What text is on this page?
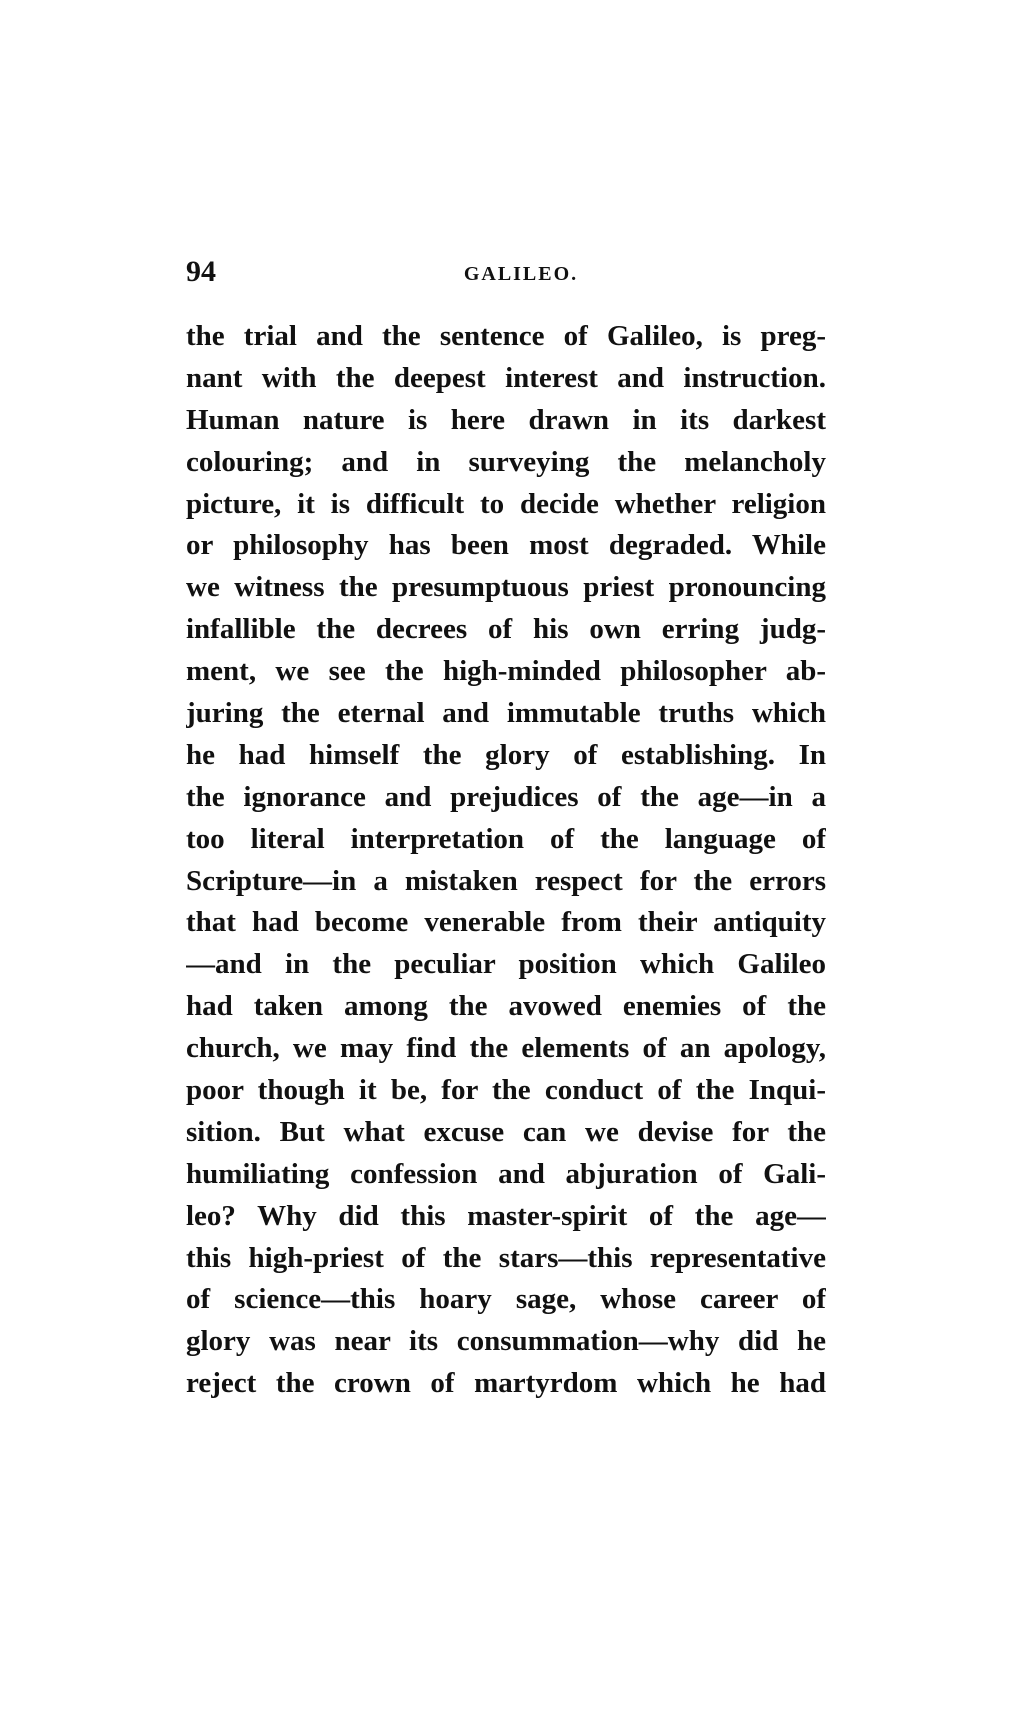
94	GALILEO.
the trial and the sentence of Galileo, is preg-
nant with the deepest interest and instruction.
Human nature is here drawn in its darkest
colouring; and in surveying the melancholy
picture, it is difficult to decide whether religion
or philosophy has been most degraded. While
we witness the presumptuous priest pronouncing
infallible the decrees of his own erring judg-
ment, we see the high-minded philosopher ab-
juring the eternal and immutable truths which
he had himself the glory of establishing. In
the ignorance and prejudices of the age—in a
too literal interpretation of the language of
Scripture—in a mistaken respect for the errors
that had become venerable from their antiquity
—and in the peculiar position which Galileo
had taken among the avowed enemies of the
church, we may find the elements of an apology,
poor though it be, for the conduct of the Inqui-
sition. But what excuse can we devise for the
humiliating confession and abjuration of Gali-
leo? Why did this master-spirit of the age—
this high-priest of the stars—this representative
of science—this hoary sage, whose career of
glory was near its consummation—why did he
reject the crown of martyrdom which he had
